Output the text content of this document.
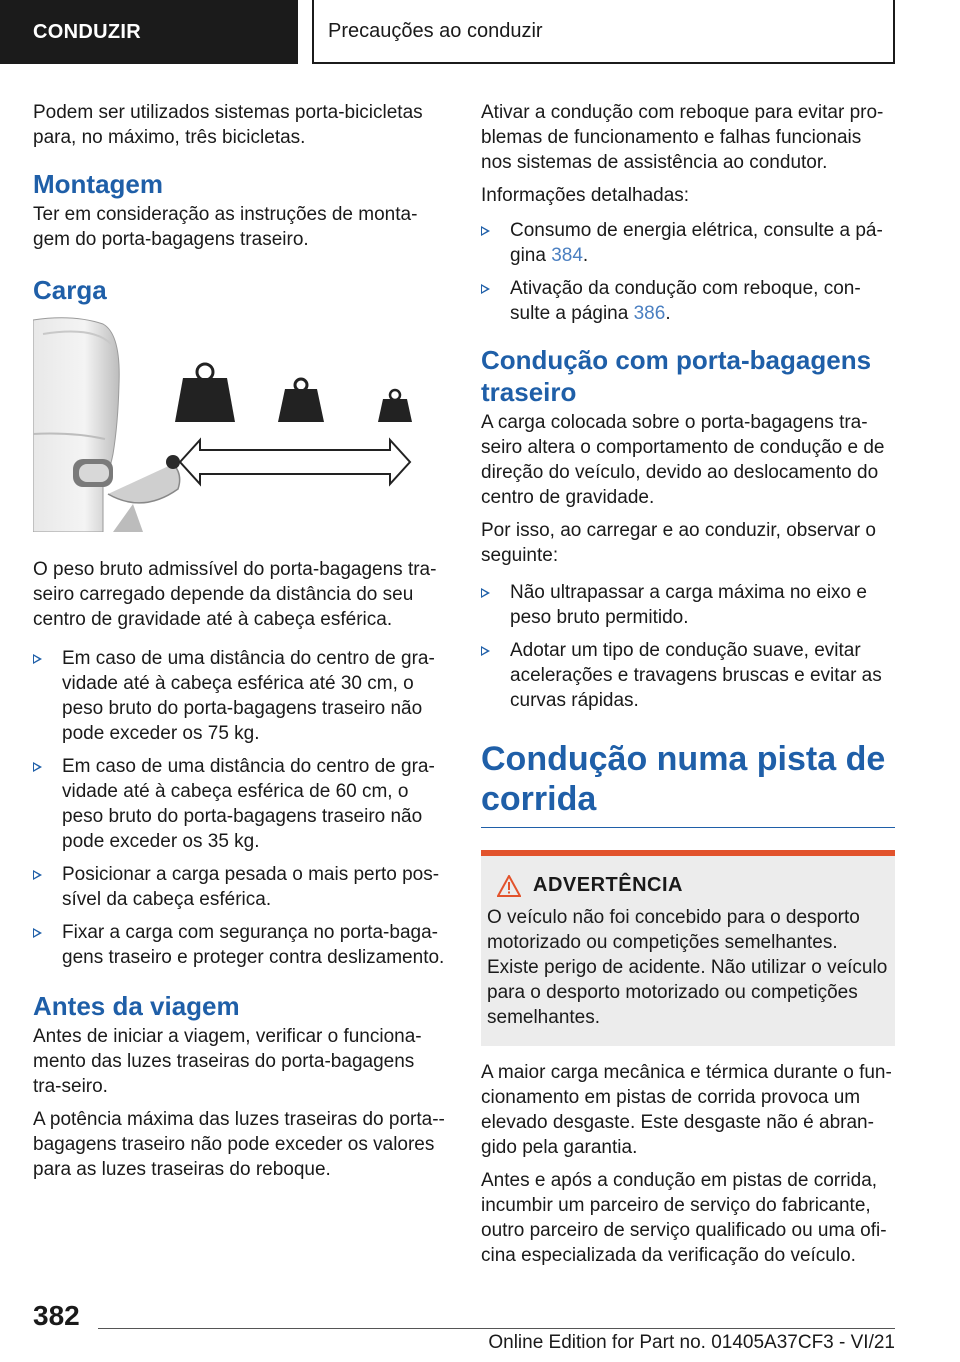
CONDUZIR	Precauções ao conduzir

Podem ser utilizados sistemas porta-bicicletas para, no máximo, três bicicletas.

Montagem

Ter em consideração as instruções de monta-gem do porta-bagagens traseiro.

Carga

O peso bruto admissível do porta-bagagens tra-seiro carregado depende da distância do seu centro de gravidade até à cabeça esférica.

Em caso de uma distância do centro de gra-vidade até à cabeça esférica até 30 cm, o peso bruto do porta-bagagens traseiro não pode exceder os 75 kg.
Em caso de uma distância do centro de gra-vidade até à cabeça esférica de 60 cm, o peso bruto do porta-bagagens traseiro não pode exceder os 35 kg.
Posicionar a carga pesada o mais perto pos-sível da cabeça esférica.
Fixar a carga com segurança no porta-baga-gens traseiro e proteger contra deslizamento.
Antes da viagem

Antes de iniciar a viagem, verificar o funciona-mento das luzes traseiras do porta-bagagens tra-seiro.

A potência máxima das luzes traseiras do porta--bagagens traseiro não pode exceder os valores para as luzes traseiras do reboque.

Ativar a condução com reboque para evitar pro-blemas de funcionamento e falhas funcionais nos sistemas de assistência ao condutor.

Informações detalhadas:

Consumo de energia elétrica, consulte a pá-gina 384.
Ativação da condução com reboque, con-sulte a página 386.
Condução com porta-bagagens traseiro

A carga colocada sobre o porta-bagagens tra-seiro altera o comportamento de condução e de direção do veículo, devido ao deslocamento do centro de gravidade.

Por isso, ao carregar e ao conduzir, observar o seguinte:

Não ultrapassar a carga máxima no eixo e peso bruto permitido.
Adotar um tipo de condução suave, evitar acelerações e travagens bruscas e evitar as curvas rápidas.
Condução numa pista de corrida
ADVERTÊNCIA

O veículo não foi concebido para o desporto motorizado ou competições semelhantes. Existe perigo de acidente. Não utilizar o veículo para o desporto motorizado ou competições semelhantes.

A maior carga mecânica e térmica durante o fun-cionamento em pistas de corrida provoca um elevado desgaste. Este desgaste não é abran-gido pela garantia.

Antes e após a condução em pistas de corrida, incumbir um parceiro de serviço do fabricante, outro parceiro de serviço qualificado ou uma ofi-cina especializada da verificação do veículo.

382
Online Edition for Part no. 01405A37CF3 - VI/21
